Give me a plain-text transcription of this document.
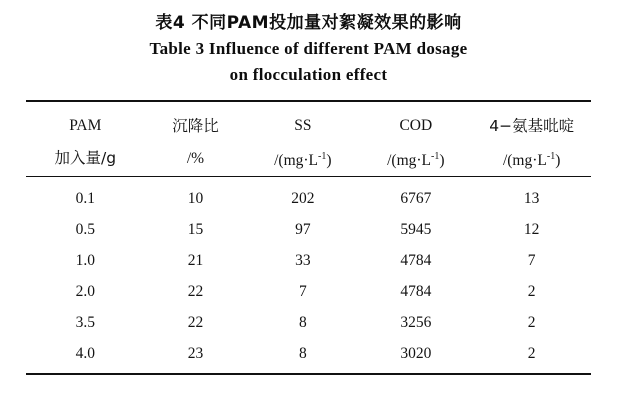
表4 不同PAM投加量对絮凝效果的影响
Table 3 Influence of different PAM dosage
on flocculation effect
PAM	沉降比	SS	COD	4−氨基吡啶
加入量/g	/%	$/(mg\cdot L^{-1})$	$/(mg\cdot L^{-1})$	$/(mg\cdot L^{-1})$
0.1	10	202	6767	13
0.5	15	97	5945	12
1.0	21	33	4784	7
2.0	22	7	4784	2
3.5	22	8	3256	2
4.0	23	8	3020	2
